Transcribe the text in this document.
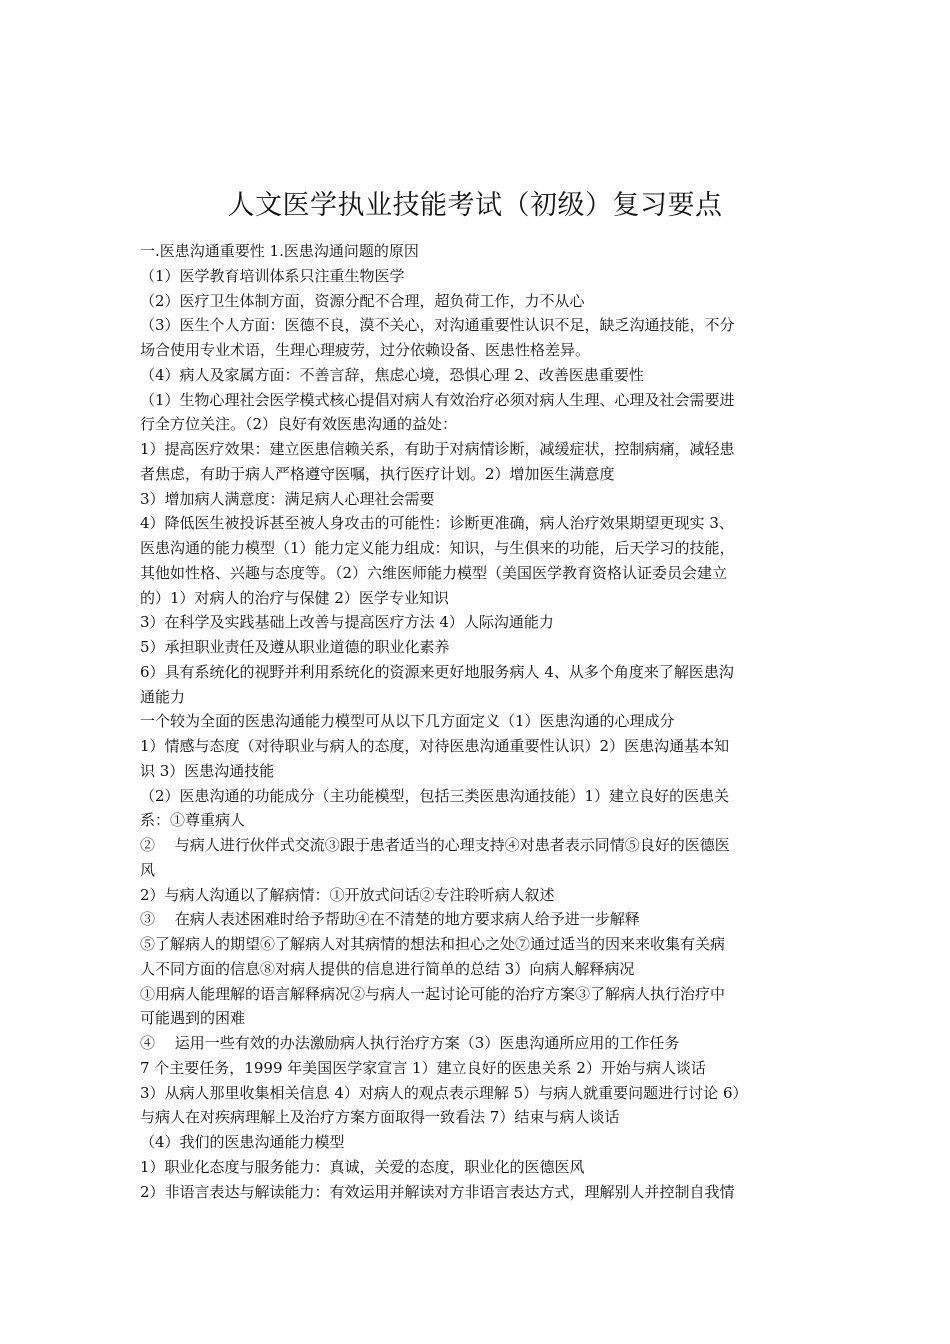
人文医学执业技能考试（初级）复习要点
一.医患沟通重要性 1.医患沟通问题的原因
（1）医学教育培训体系只注重生物医学
（2）医疗卫生体制方面，资源分配不合理，超负荷工作，力不从心
（3）医生个人方面：医德不良，漠不关心，对沟通重要性认识不足，缺乏沟通技能，不分
场合使用专业术语，生理心理疲劳，过分依赖设备、医患性格差异。
（4）病人及家属方面：不善言辞，焦虑心境，恐惧心理 2、改善医患重要性
（1）生物心理社会医学模式核心提倡对病人有效治疗必须对病人生理、心理及社会需要进
行全方位关注。（2）良好有效医患沟通的益处：
1）提高医疗效果：建立医患信赖关系，有助于对病情诊断，减缓症状，控制病痛，减轻患
者焦虑，有助于病人严格遵守医嘱，执行医疗计划。2）增加医生满意度
3）增加病人满意度：满足病人心理社会需要
4）降低医生被投诉甚至被人身攻击的可能性：诊断更准确，病人治疗效果期望更现实 3、
医患沟通的能力模型（1）能力定义能力组成：知识，与生俱来的功能，后天学习的技能，
其他如性格、兴趣与态度等。（2）六维医师能力模型（美国医学教育资格认证委员会建立
的）1）对病人的治疗与保健 2）医学专业知识
3）在科学及实践基础上改善与提高医疗方法 4）人际沟通能力
5）承担职业责任及遵从职业道德的职业化素养
6）具有系统化的视野并利用系统化的资源来更好地服务病人 4、从多个角度来了解医患沟
通能力
一个较为全面的医患沟通能力模型可从以下几方面定义（1）医患沟通的心理成分
1）情感与态度（对待职业与病人的态度，对待医患沟通重要性认识）2）医患沟通基本知
识 3）医患沟通技能
（2）医患沟通的功能成分（主功能模型，包括三类医患沟通技能）1）建立良好的医患关
系：①尊重病人
②　 与病人进行伙伴式交流③跟于患者适当的心理支持④对患者表示同情⑤良好的医德医
风
2）与病人沟通以了解病情：①开放式问话②专注聆听病人叙述
③　 在病人表述困难时给予帮助④在不清楚的地方要求病人给予进一步解释
⑤了解病人的期望⑥了解病人对其病情的想法和担心之处⑦通过适当的因来来收集有关病
人不同方面的信息⑧对病人提供的信息进行简单的总结 3）向病人解释病况
①用病人能理解的语言解释病况②与病人一起讨论可能的治疗方案③了解病人执行治疗中
可能遇到的困难
④　 运用一些有效的办法激励病人执行治疗方案（3）医患沟通所应用的工作任务
7 个主要任务，1999 年美国医学家宣言 1）建立良好的医患关系 2）开始与病人谈话
3）从病人那里收集相关信息 4）对病人的观点表示理解 5）与病人就重要问题进行讨论 6）
与病人在对疾病理解上及治疗方案方面取得一致看法 7）结束与病人谈话
（4）我们的医患沟通能力模型
1）职业化态度与服务能力：真诚，关爱的态度，职业化的医德医风
2）非语言表达与解读能力：有效运用并解读对方非语言表达方式，理解别人并控制自我情
